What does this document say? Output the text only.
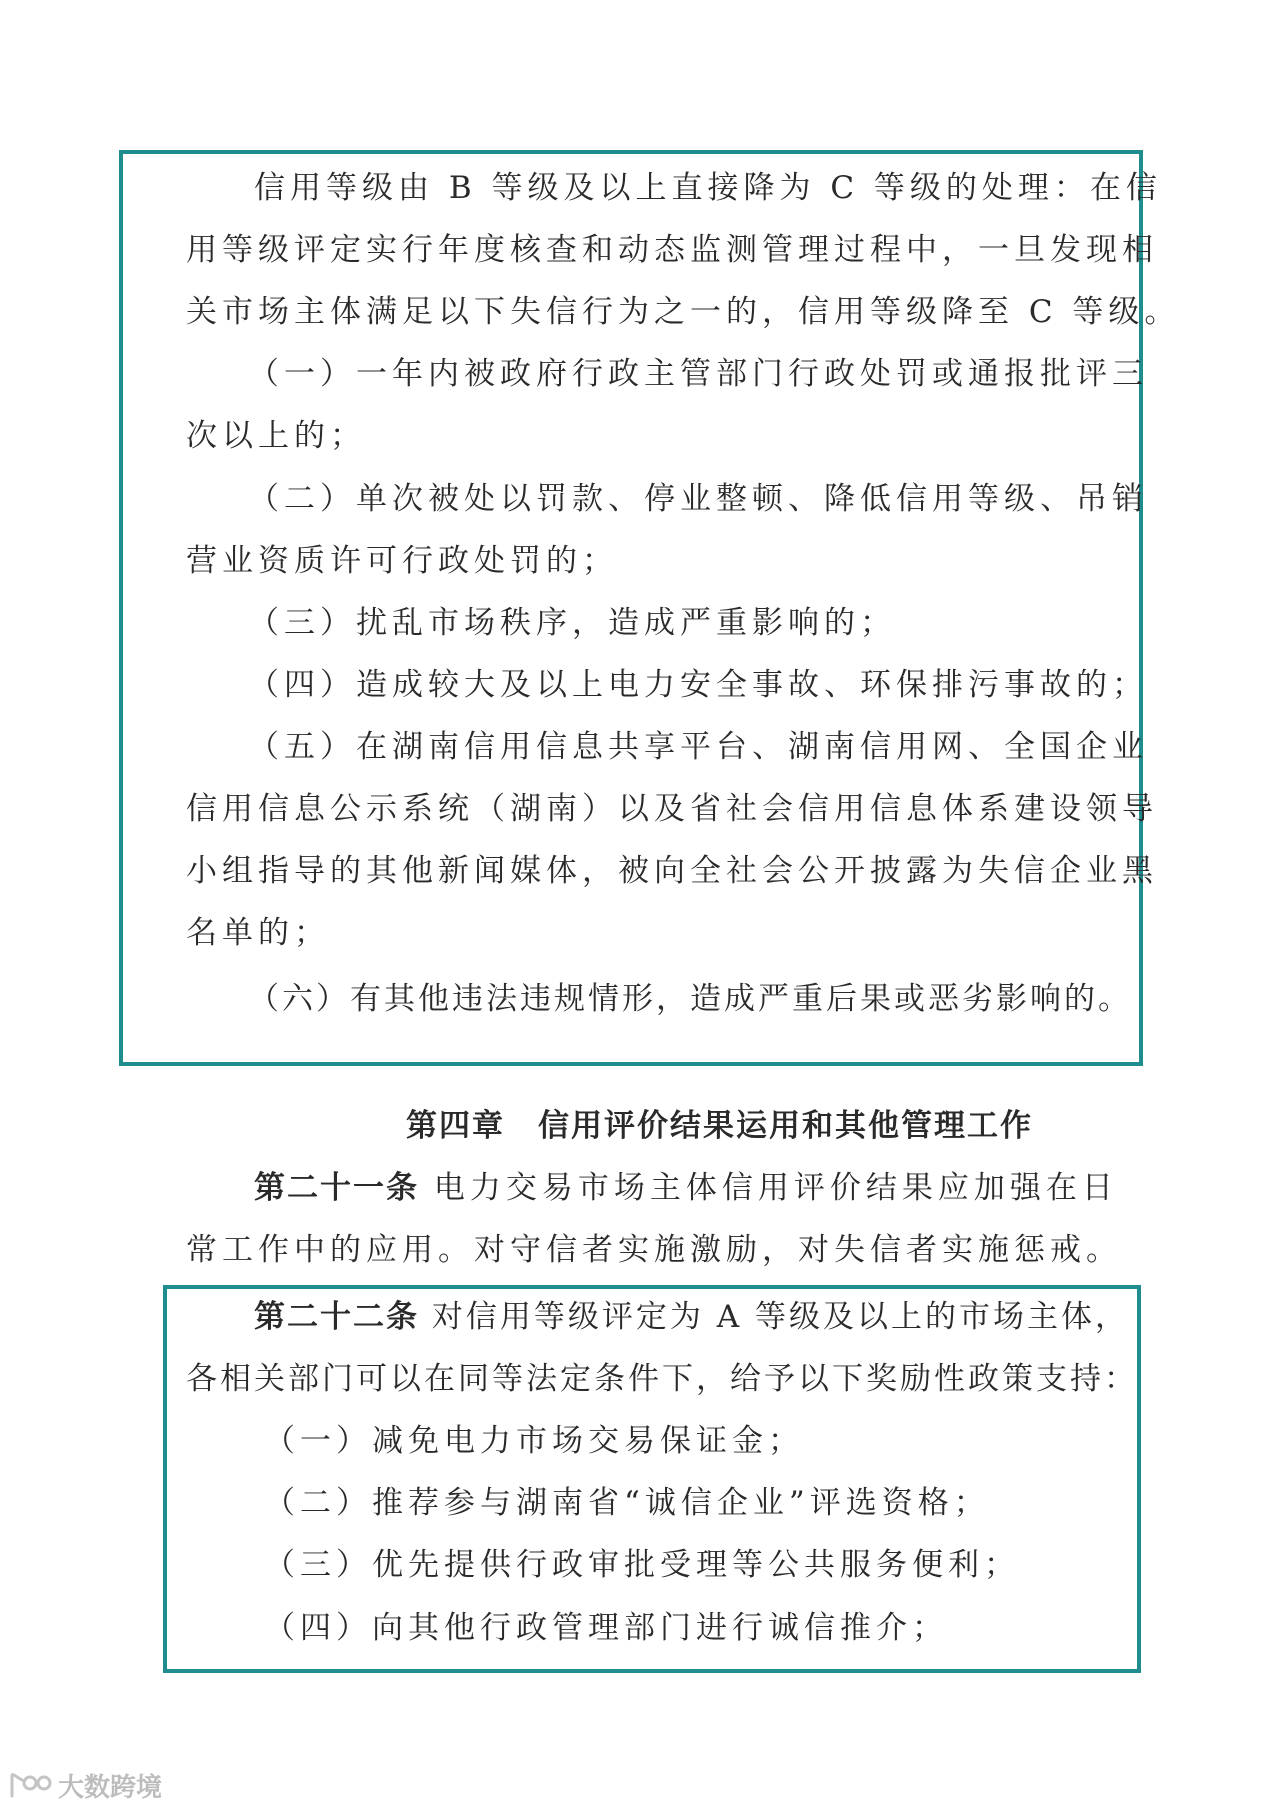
信用等级由 B 等级及以上直接降为 C 等级的处理：在信
用等级评定实行年度核查和动态监测管理过程中，一旦发现相
关市场主体满足以下失信行为之一的，信用等级降至 C 等级。
（一）一年内被政府行政主管部门行政处罚或通报批评三
次以上的；
（二）单次被处以罚款、停业整顿、降低信用等级、吊销
营业资质许可行政处罚的；
（三）扰乱市场秩序，造成严重影响的；
（四）造成较大及以上电力安全事故、环保排污事故的；
（五）在湖南信用信息共享平台、湖南信用网、全国企业
信用信息公示系统（湖南）以及省社会信用信息体系建设领导
小组指导的其他新闻媒体，被向全社会公开披露为失信企业黑
名单的；
（六）有其他违法违规情形，造成严重后果或恶劣影响的。
第四章　信用评价结果运用和其他管理工作
第二十一条 电力交易市场主体信用评价结果应加强在日
常工作中的应用。对守信者实施激励，对失信者实施惩戒。
第二十二条 对信用等级评定为 A 等级及以上的市场主体，
各相关部门可以在同等法定条件下，给予以下奖励性政策支持：
（一）减免电力市场交易保证金；
（二）推荐参与湖南省“诚信企业”评选资格；
（三）优先提供行政审批受理等公共服务便利；
（四）向其他行政管理部门进行诚信推介；
大数跨境
